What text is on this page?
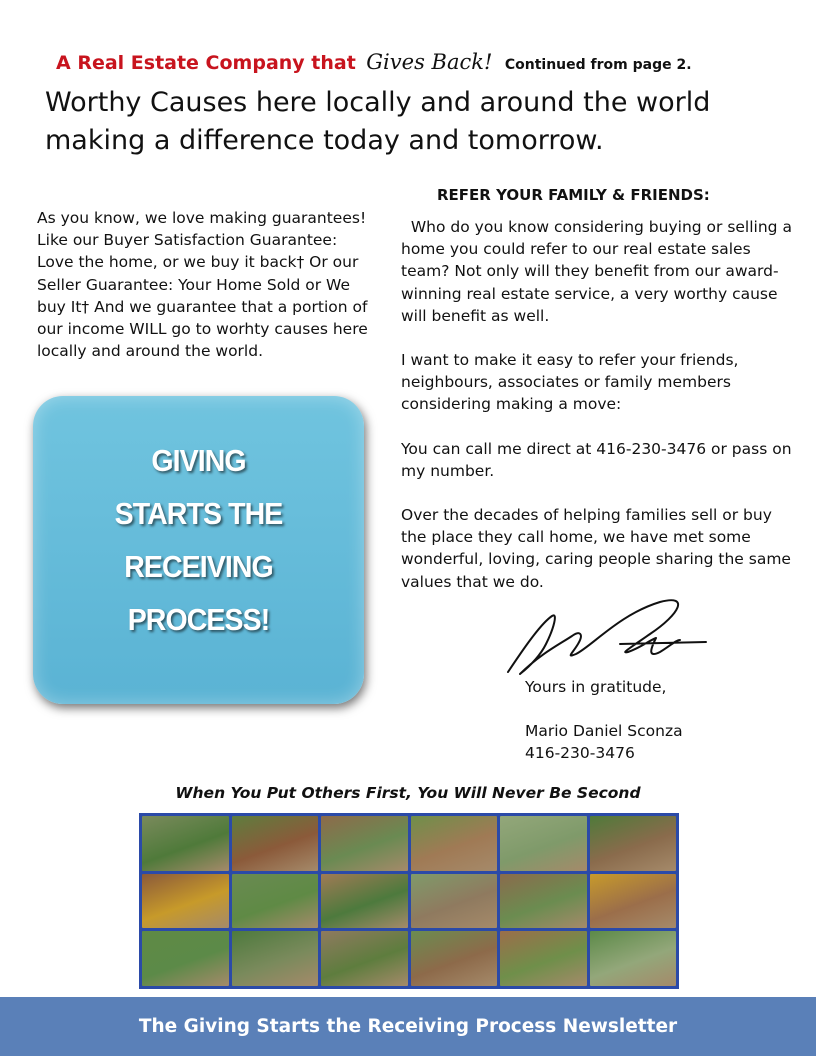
A Real Estate Company that Gives Back! Continued from page 2.
Worthy Causes here locally and around the world making a difference today and tomorrow.
As you know, we love making guarantees! Like our Buyer Satisfaction Guarantee: Love the home, or we buy it back† Or our Seller Guarantee: Your Home Sold or We buy It† And we guarantee that a portion of our income WILL go to worhty causes here locally and around the world.
GIVING
STARTS THE
RECEIVING
PROCESS!
REFER YOUR FAMILY & FRIENDS:

Who do you know considering buying or selling a home you could refer to our real estate sales team? Not only will they benefit from our award-winning real estate service, a very worthy cause will benefit as well.

I want to make it easy to refer your friends, neighbours, associates or family members considering making a move:

You can call me direct at 416-230-3476 or pass on my number.

Over the decades of helping families sell or buy the place they call home, we have met some wonderful, loving, caring people sharing the same values that we do.

Yours in gratitude,
Mario Daniel Sconza
416-230-3476
When You Put Others First, You Will Never Be Second
The Giving Starts the Receiving Process Newsletter
